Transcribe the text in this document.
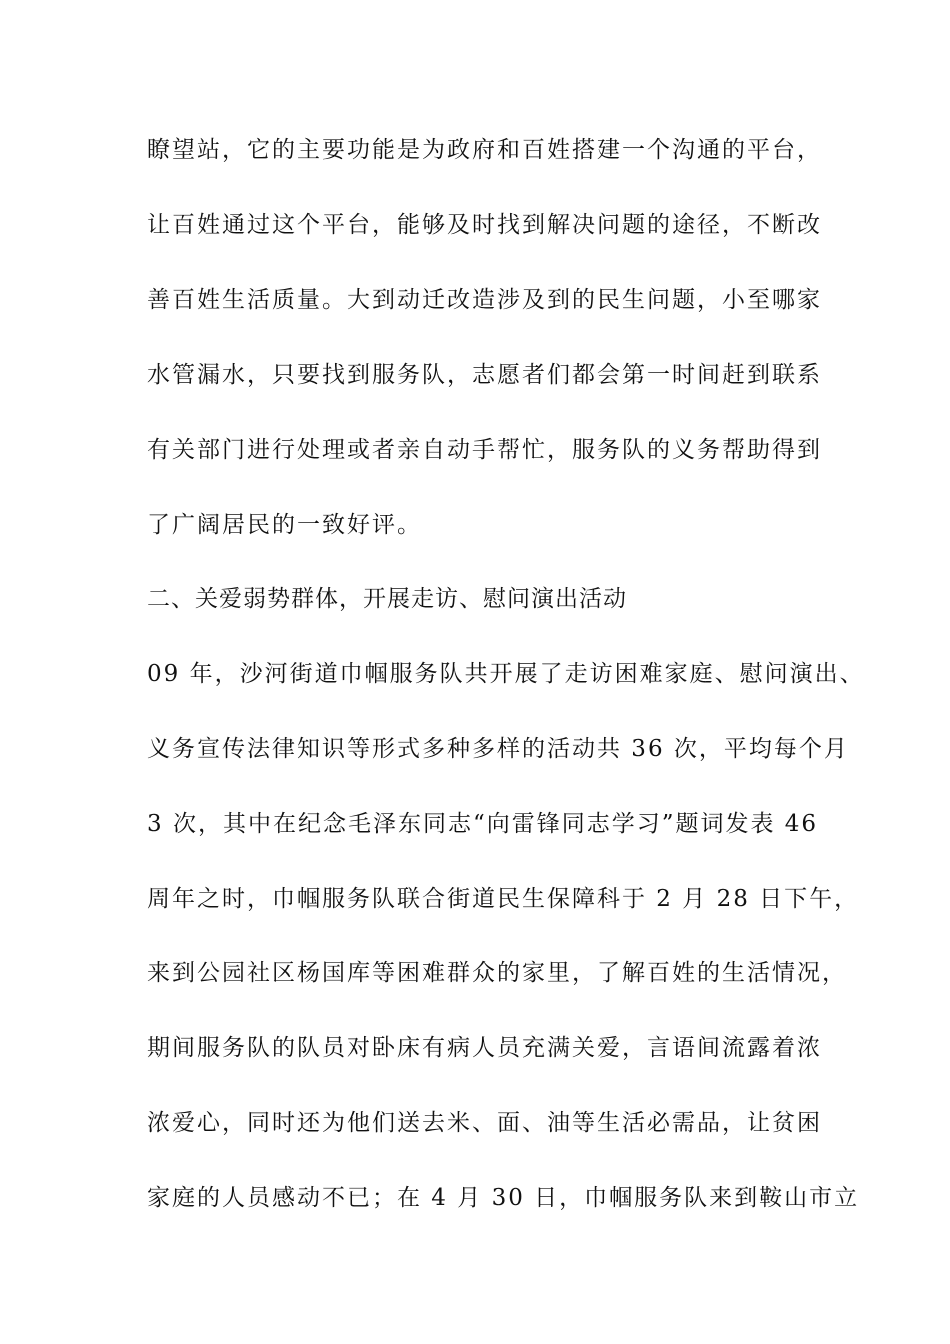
瞭望站，它的主要功能是为政府和百姓搭建一个沟通的平台，

让百姓通过这个平台，能够及时找到解决问题的途径，不断改

善百姓生活质量。大到动迁改造涉及到的民生问题，小至哪家

水管漏水，只要找到服务队，志愿者们都会第一时间赶到联系

有关部门进行处理或者亲自动手帮忙，服务队的义务帮助得到

了广阔居民的一致好评。

二、关爱弱势群体，开展走访、慰问演出活动

09 年，沙河街道巾帼服务队共开展了走访困难家庭、慰问演出、

义务宣传法律知识等形式多种多样的活动共 36 次，平均每个月

3 次，其中在纪念毛泽东同志“向雷锋同志学习”题词发表 46

周年之时，巾帼服务队联合街道民生保障科于 2 月 28 日下午，

来到公园社区杨国库等困难群众的家里，了解百姓的生活情况，

期间服务队的队员对卧床有病人员充满关爱，言语间流露着浓

浓爱心，同时还为他们送去米、面、油等生活必需品，让贫困

家庭的人员感动不已；在 4 月 30 日，巾帼服务队来到鞍山市立
